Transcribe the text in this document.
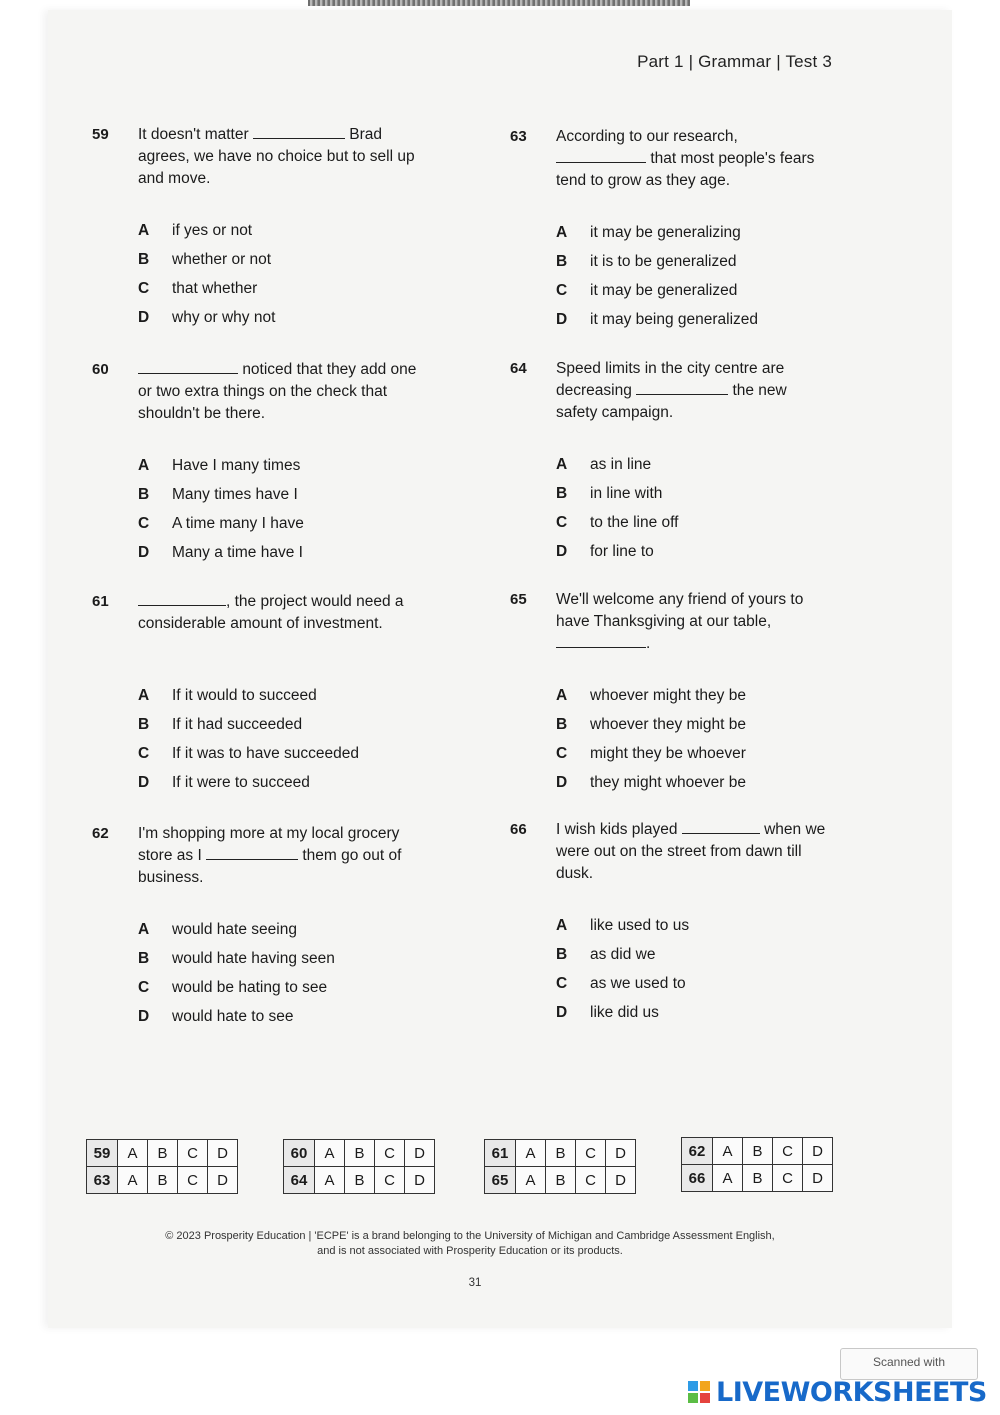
Part 1 | Grammar | Test 3
59 It doesn't matter	Brad agrees, we have no choice but to sell up and move.
A	if yes or not
B	whether or not
C	that whether
D	why or why not
60	noticed that they add one or two extra things on the check that shouldn't be there.
A	Have I many times
B	Many times have I
C	A time many I have
D	Many a time have I
61	, the project would need a considerable amount of investment.
A	If it would to succeed
B	If it had succeeded
C	If it was to have succeeded
D	If it were to succeed
62 I'm shopping more at my local grocery store as I	them go out of business.
A	would hate seeing
B	would hate having seen
C	would be hating to see
D	would hate to see
63 According to our research,
that most people's fears tend to grow as they age.
A	it may be generalizing
B	it is to be generalized
C	it may be generalized
D	it may being generalized
64 Speed limits in the city centre are decreasing	the new safety campaign.
A	as in line
B	in line with
C	to the line off
D	for line to
65 We'll welcome any friend of yours to have Thanksgiving at our table,
.
A	whoever might they be
B	whoever they might be
C	might they be whoever
D	they might whoever be
66 I wish kids played	when we were out on the street from dawn till dusk.
A	like used to us
B	as did we
C	as we used to
D	like did us
59	A	B	C	D
63	A	B	C	D
60	A	B	C	D
64	A	B	C	D
61	A	B	C	D
65	A	B	C	D
62	A	B	C	D
66	A	B	C	D
© 2023 Prosperity Education | 'ECPE' is a brand belonging to the University of Michigan and Cambridge Assessment English,
and is not associated with Prosperity Education or its products.
31
Scanned with
LIVEWORKSHEETS
